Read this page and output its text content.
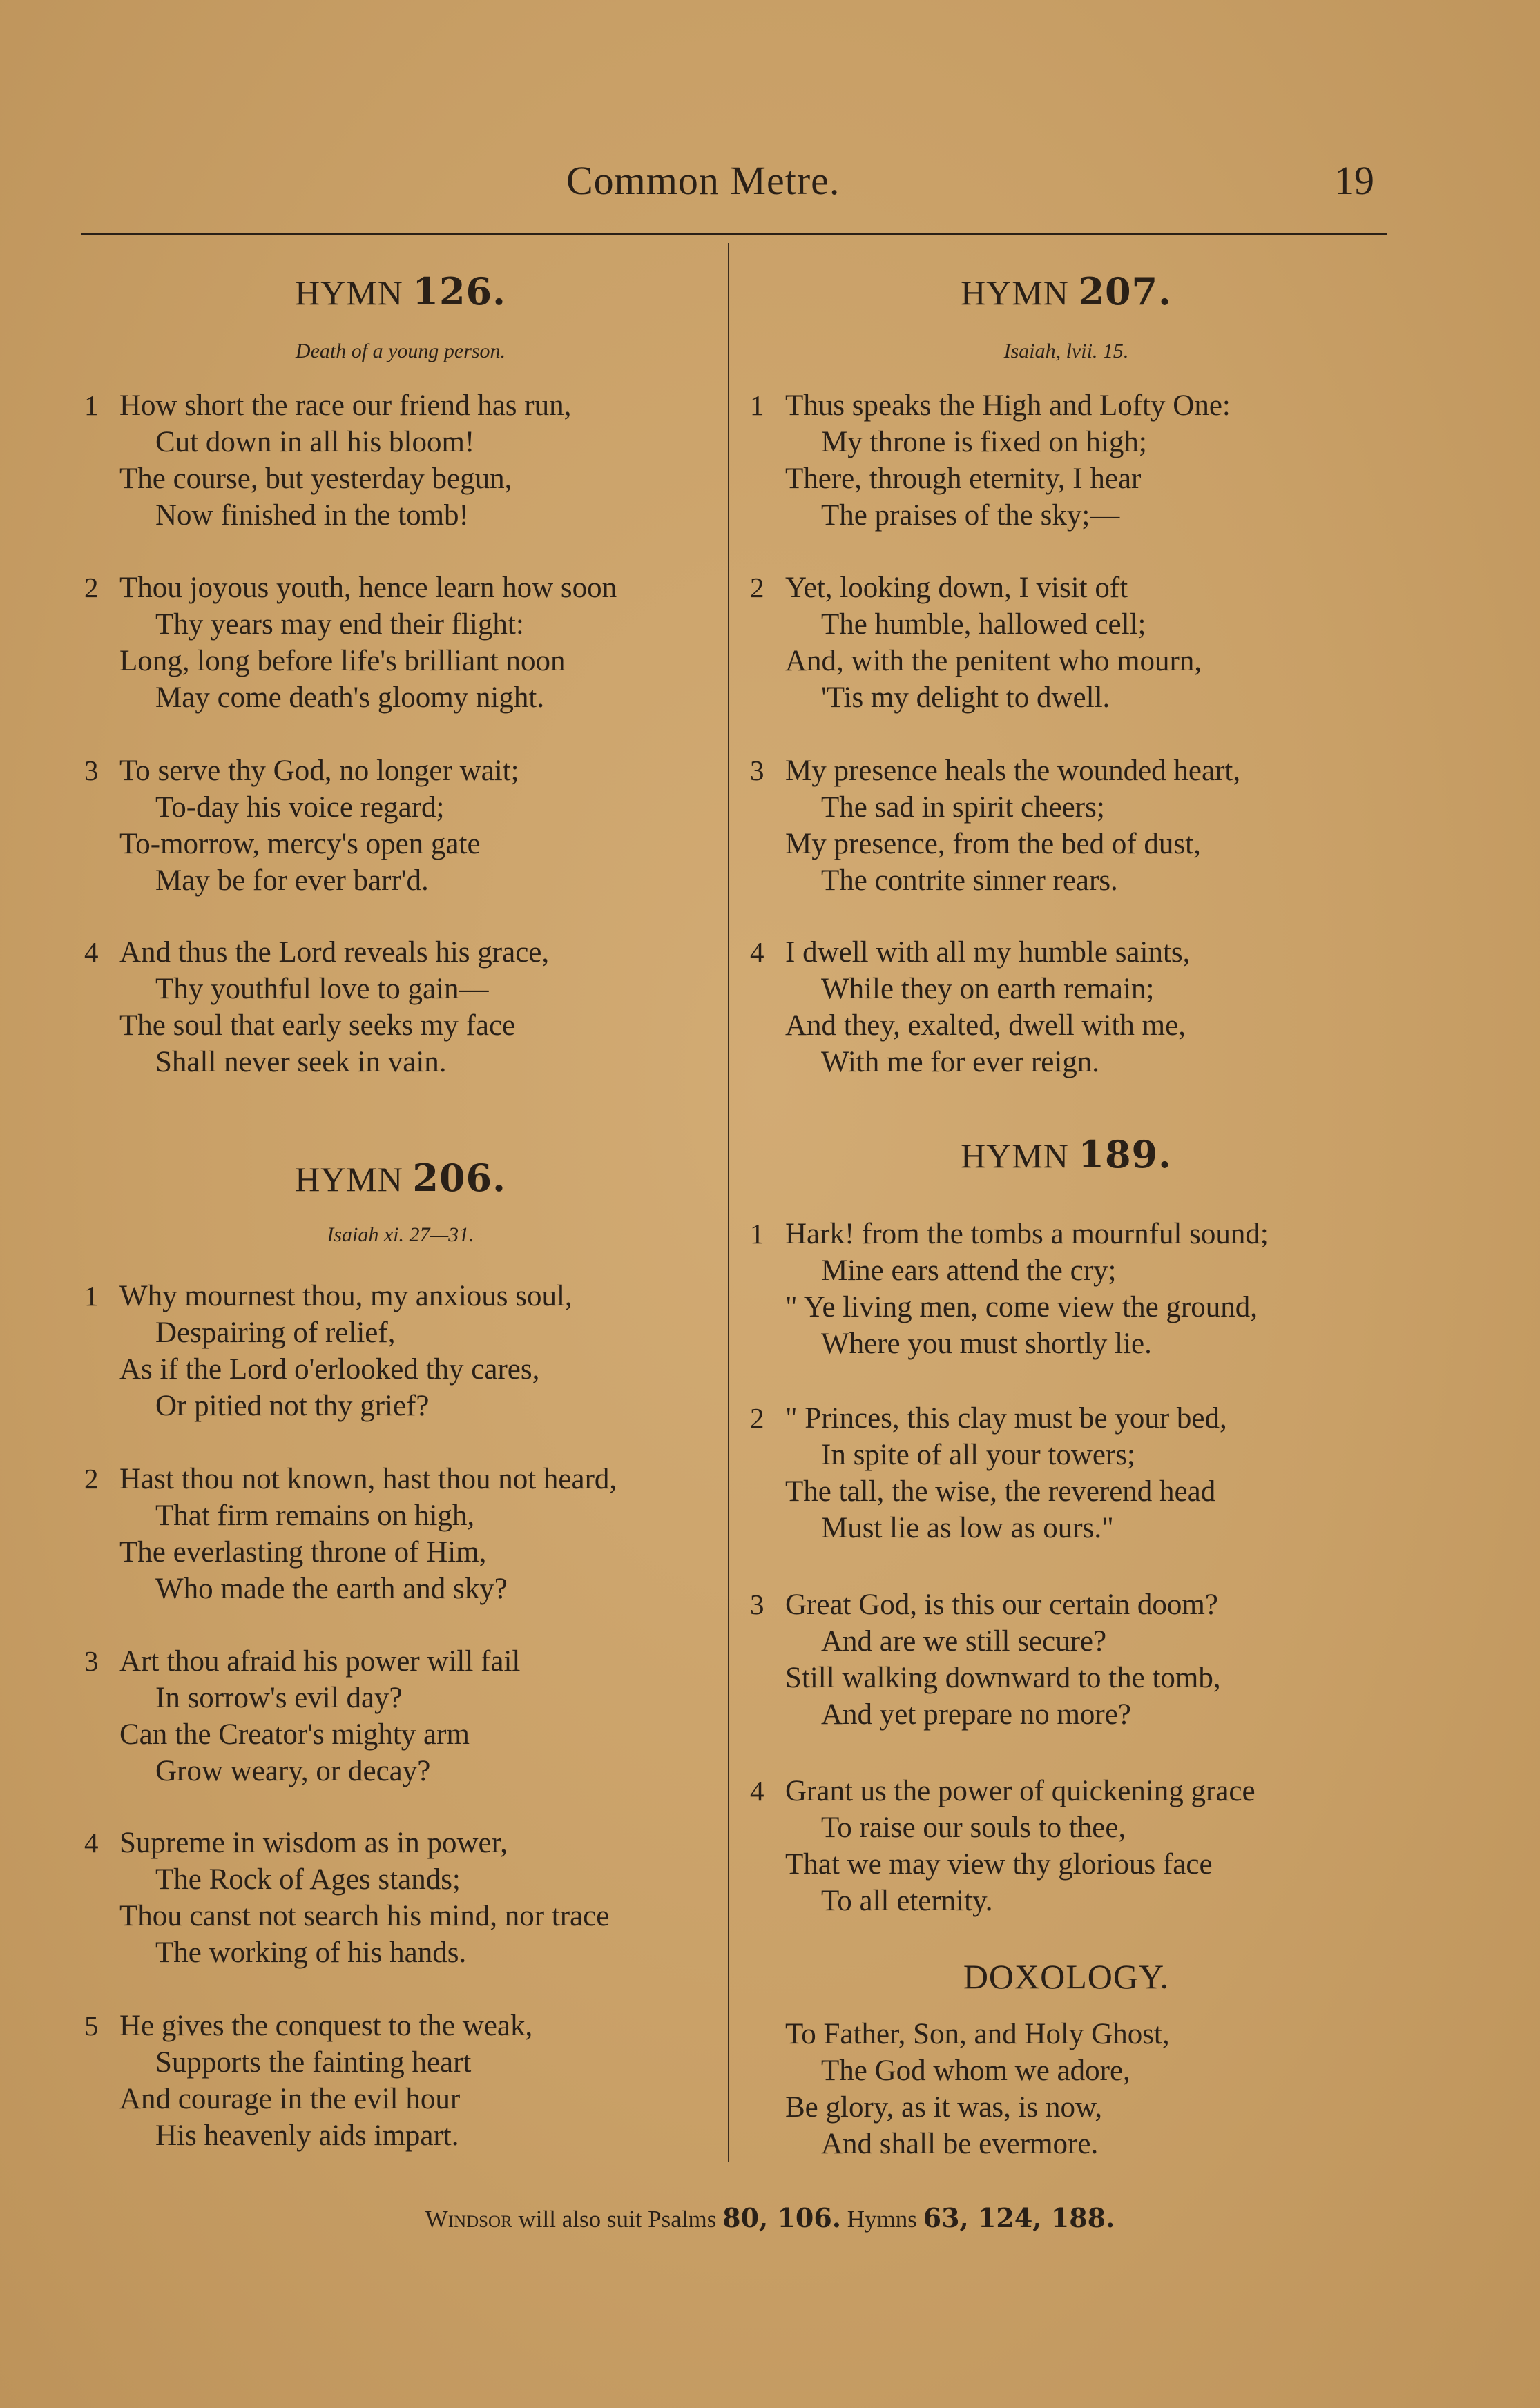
Common Metre.	19
HYMN 126.
Death of a young person.
1 How short the race our friend has run,
Cut down in all his bloom!
The course, but yesterday begun,
Now finished in the tomb!
2 Thou joyous youth, hence learn how soon
Thy years may end their flight:
Long, long before life's brilliant noon
May come death's gloomy night.
3 To serve thy God, no longer wait;
To-day his voice regard;
To-morrow, mercy's open gate
May be for ever barr'd.
4 And thus the Lord reveals his grace,
Thy youthful love to gain—
The soul that early seeks my face
Shall never seek in vain.
HYMN 206.
Isaiah xi. 27—31.
1 Why mournest thou, my anxious soul,
Despairing of relief,
As if the Lord o'erlooked thy cares,
Or pitied not thy grief?
2 Hast thou not known, hast thou not heard,
That firm remains on high,
The everlasting throne of Him,
Who made the earth and sky?
3 Art thou afraid his power will fail
In sorrow's evil day?
Can the Creator's mighty arm
Grow weary, or decay?
4 Supreme in wisdom as in power,
The Rock of Ages stands;
Thou canst not search his mind, nor trace
The working of his hands.
5 He gives the conquest to the weak,
Supports the fainting heart
And courage in the evil hour
His heavenly aids impart.
HYMN 207.
Isaiah, lvii. 15.
1 Thus speaks the High and Lofty One:
My throne is fixed on high;
There, through eternity, I hear
The praises of the sky;—
2 Yet, looking down, I visit oft
The humble, hallowed cell;
And, with the penitent who mourn,
'Tis my delight to dwell.
3 My presence heals the wounded heart,
The sad in spirit cheers;
My presence, from the bed of dust,
The contrite sinner rears.
4 I dwell with all my humble saints,
While they on earth remain;
And they, exalted, dwell with me,
With me for ever reign.
HYMN 189.
1 Hark! from the tombs a mournful sound;
Mine ears attend the cry;
" Ye living men, come view the ground,
Where you must shortly lie.
2 " Princes, this clay must be your bed,
In spite of all your towers;
The tall, the wise, the reverend head
Must lie as low as ours."
3 Great God, is this our certain doom?
And are we still secure?
Still walking downward to the tomb,
And yet prepare no more?
4 Grant us the power of quickening grace
To raise our souls to thee,
That we may view thy glorious face
To all eternity.
DOXOLOGY.
To Father, Son, and Holy Ghost,
The God whom we adore,
Be glory, as it was, is now,
And shall be evermore.
Windsor will also suit Psalms 80, 106. Hymns 63, 124, 188.
